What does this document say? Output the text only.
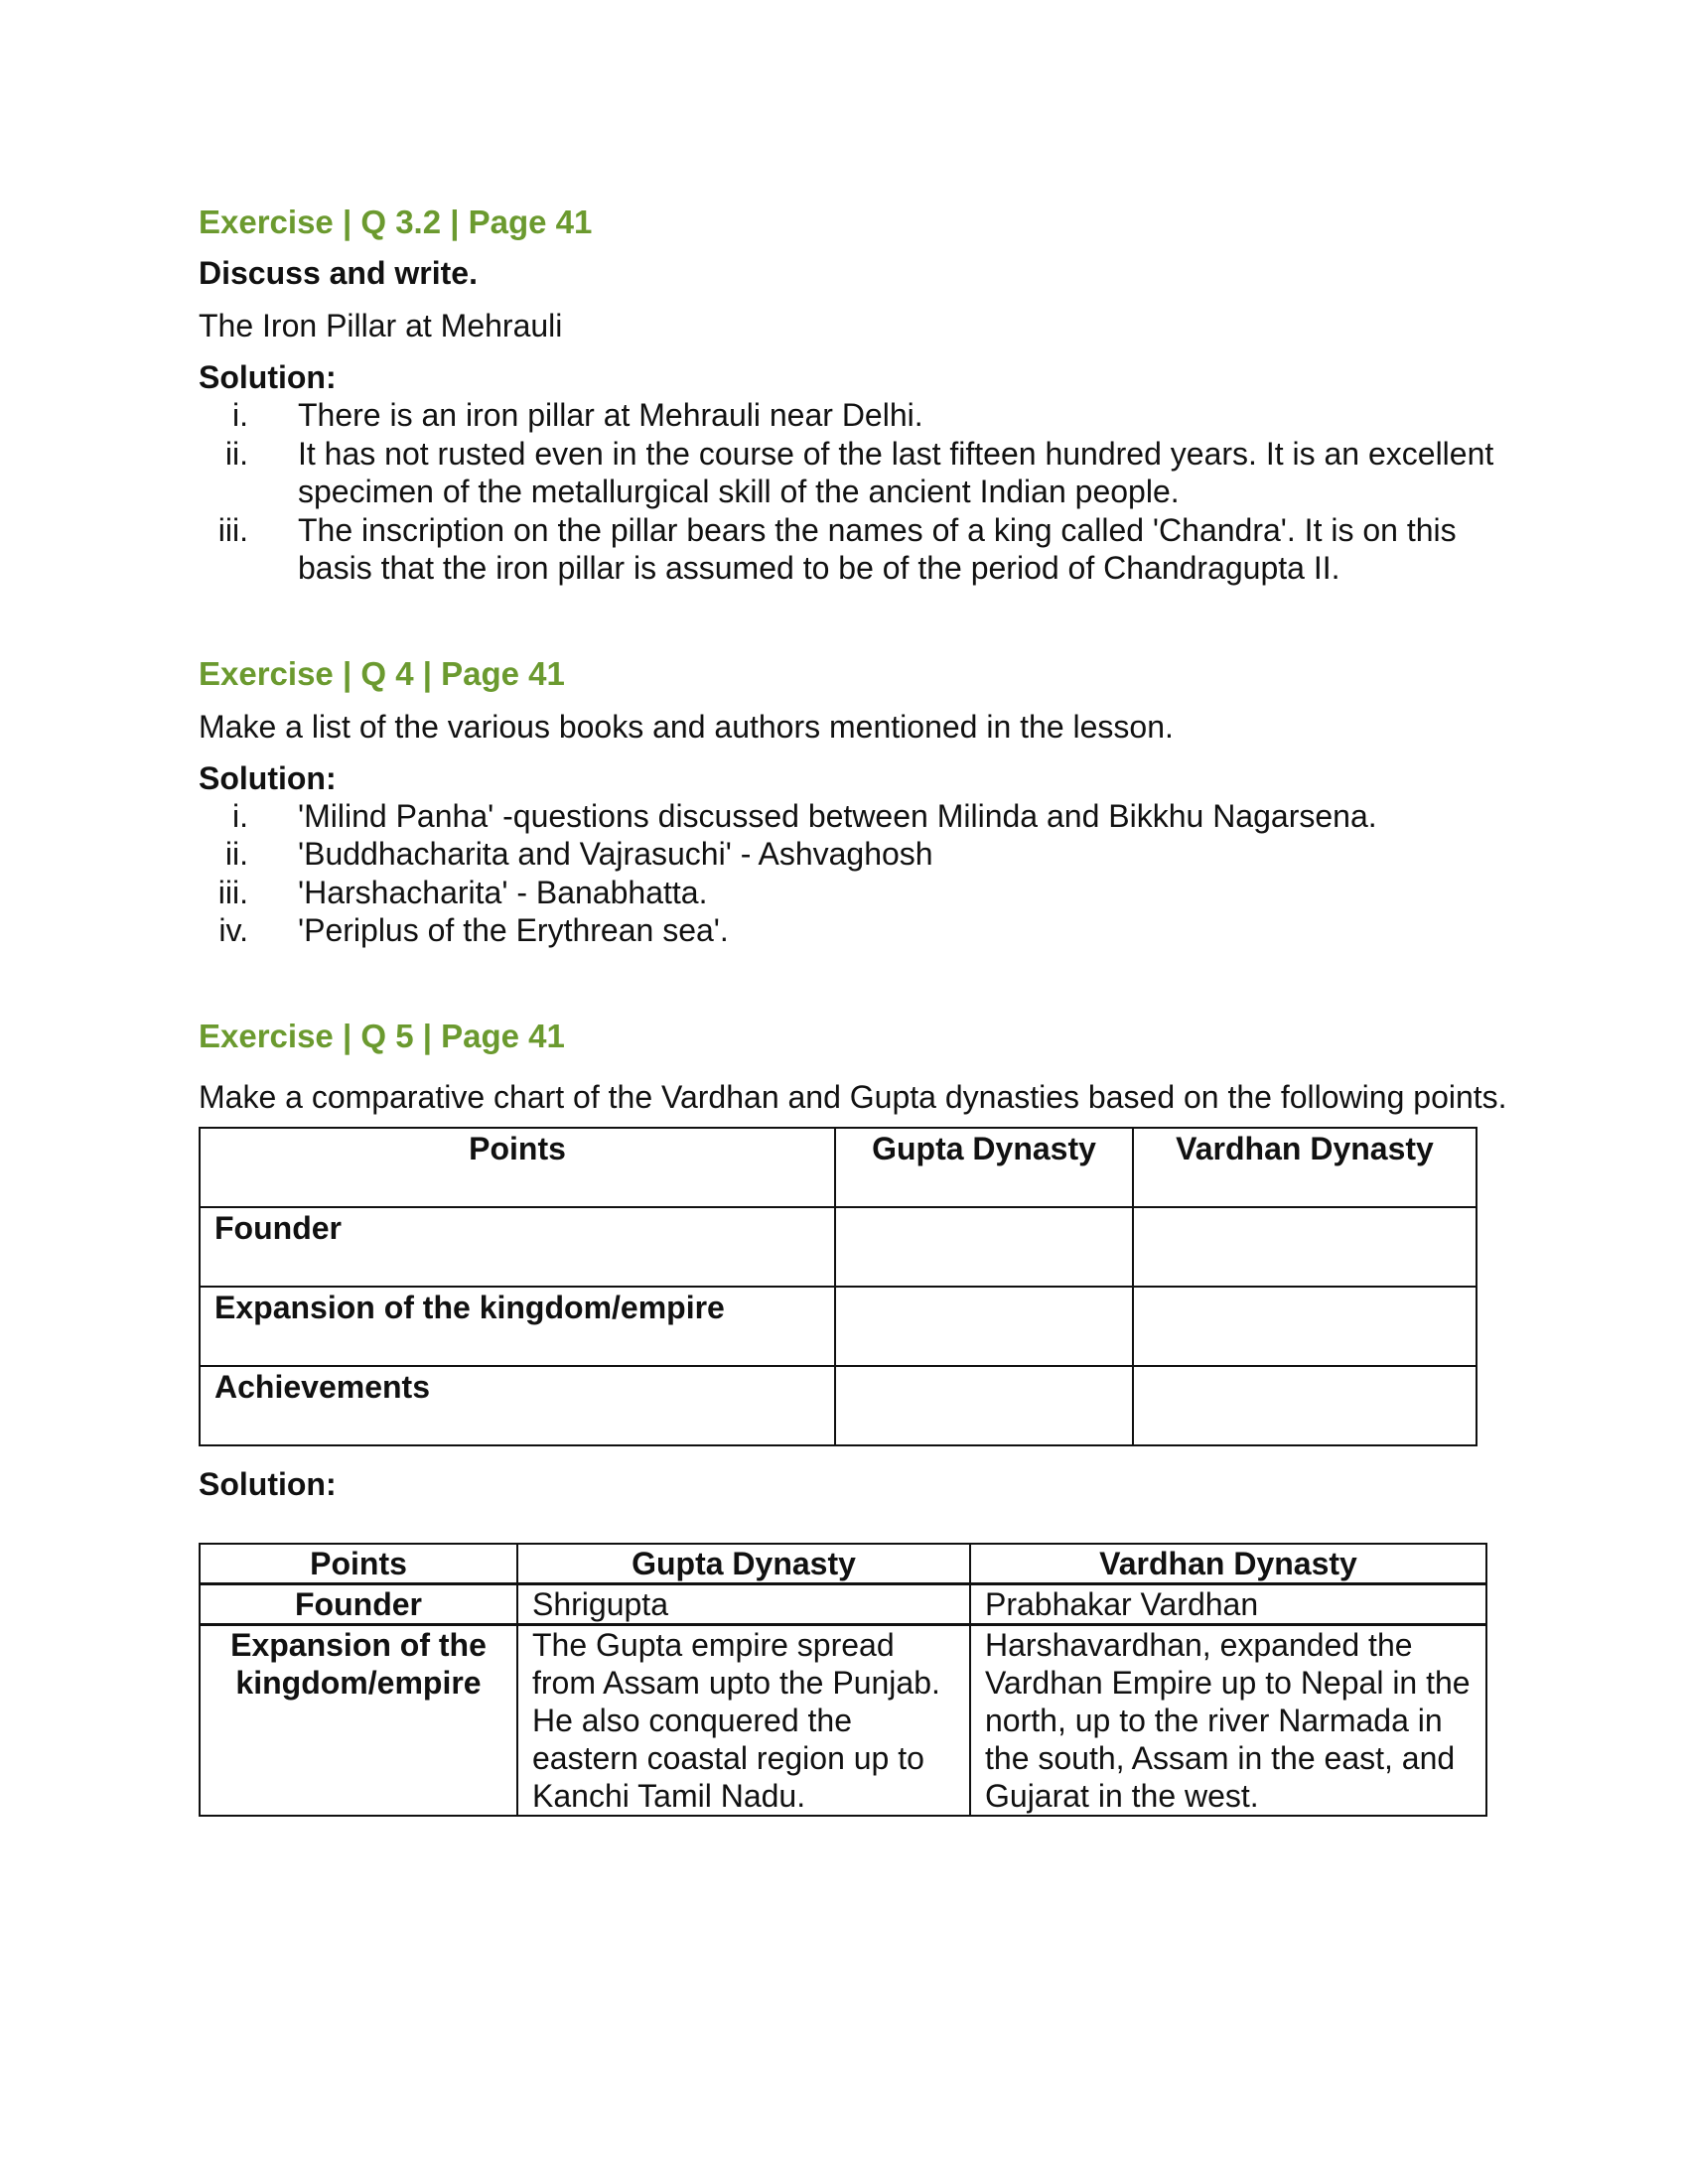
Exercise | Q 3.2 | Page 41
Discuss and write.
The Iron Pillar at Mehrauli
Solution:
i.	There is an iron pillar at Mehrauli near Delhi.
ii.	It has not rusted even in the course of the last fifteen hundred years. It is an excellent specimen of the metallurgical skill of the ancient Indian people.
iii.	The inscription on the pillar bears the names of a king called 'Chandra'. It is on this basis that the iron pillar is assumed to be of the period of Chandragupta II.
Exercise | Q 4 | Page 41
Make a list of the various books and authors mentioned in the lesson.
Solution:
i.	'Milind Panha' -questions discussed between Milinda and Bikkhu Nagarsena.
ii.	'Buddhacharita and Vajrasuchi' - Ashvaghosh
iii.	'Harshacharita' - Banabhatta.
iv.	'Periplus of the Erythrean sea'.
Exercise | Q 5 | Page 41
Make a comparative chart of the Vardhan and Gupta dynasties based on the following points.
Points	Gupta Dynasty	Vardhan Dynasty
Founder		
Expansion of the kingdom/empire		
Achievements		
Solution:
Points	Gupta Dynasty	Vardhan Dynasty
Founder	Shrigupta	Prabhakar Vardhan
Expansion of the kingdom/empire	The Gupta empire spread from Assam upto the Punjab. He also conquered the eastern coastal region up to Kanchi Tamil Nadu.	Harshavardhan, expanded the Vardhan Empire up to Nepal in the north, up to the river Narmada in the south, Assam in the east, and Gujarat in the west.
